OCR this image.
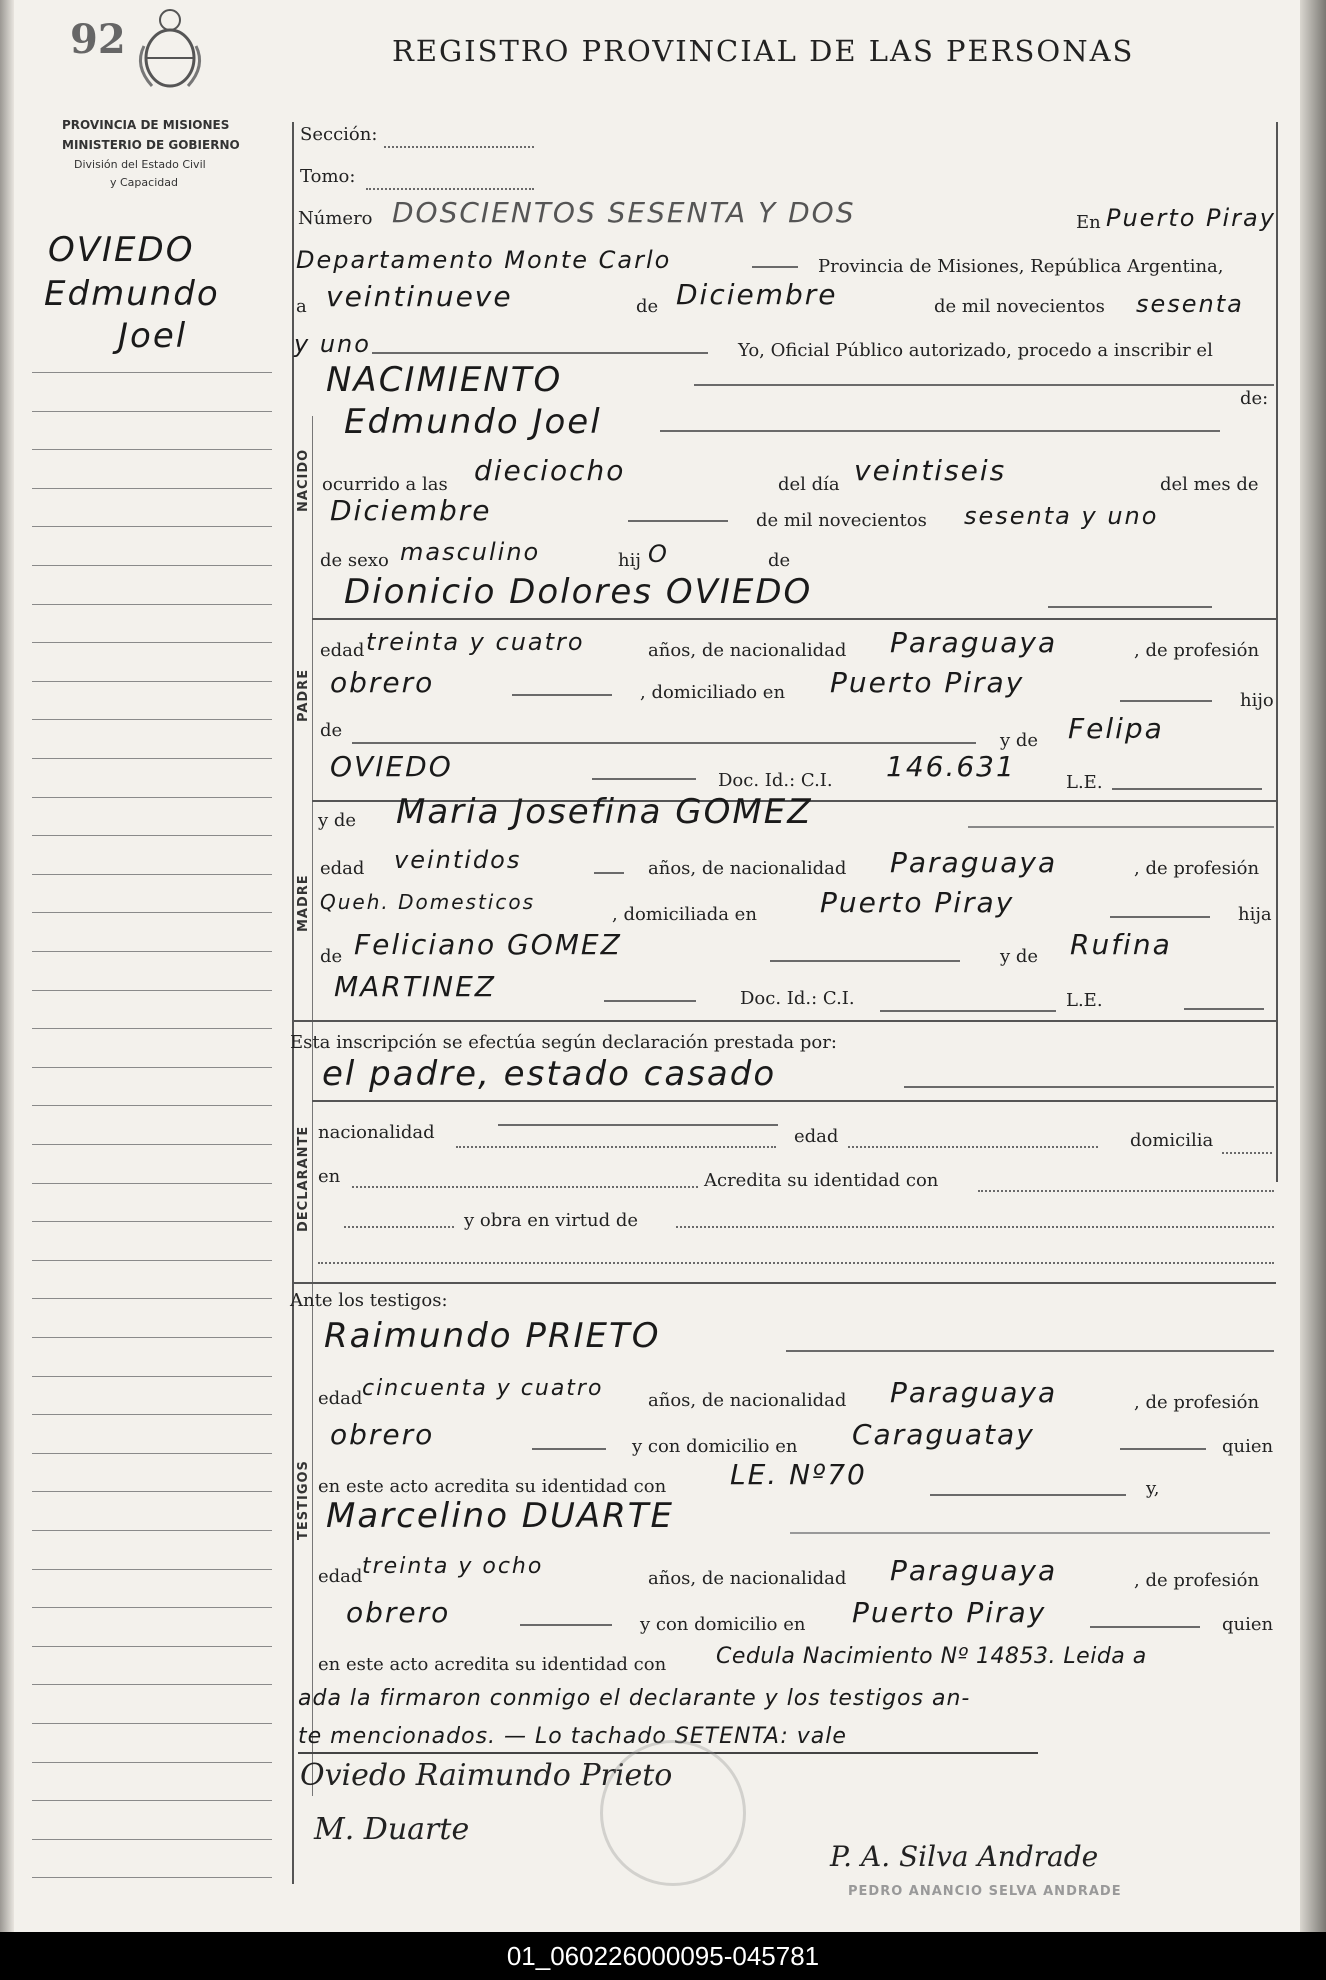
92	REGISTRO PROVINCIAL DE LAS PERSONAS
PROVINCIA DE MISIONES
MINISTERIO DE GOBIERNO
División del Estado Civil
y Capacidad
OVIEDO
Edmundo
Joel
NACIDO
PADRE
MADRE
DECLARANTE
TESTIGOS
Sección:
Tomo:
Número DOSCIENTOS SESENTA Y DOS	En Puerto Piray
Departamento Monte Carlo	Provincia de Misiones, República Argentina,
a veintinueve	de Diciembre	de mil novecientos sesenta
y uno	Yo, Oficial Público autorizado, procedo a inscribir el
NACIMIENTO	de:
Edmundo Joel
ocurrido a las dieciocho	del día veintiseis	del mes de
Diciembre	de mil novecientos sesenta y uno
de sexo masculino	hij O	de
Dionicio Dolores OVIEDO
edad treinta y cuatro	años, de nacionalidad Paraguaya	, de profesión
obrero	, domiciliado en Puerto Piray
hijo
de	y de Felipa
OVIEDO	Doc. Id.: C.I. 146.631	L.E.
y de Maria Josefina GOMEZ
edad veintidos	años, de nacionalidad Paraguaya	, de profesión
Queh. Domesticos
, domiciliada en Puerto Piray	hija
de Feliciano GOMEZ	y de Rufina
MARTINEZ	Doc. Id.: C.I.	L.E.
Esta inscripción se efectúa según declaración prestada por:
el padre, estado casado
nacionalidad	edad	domicilia
en	Acredita su identidad con
y obra en virtud de
Ante los testigos:
Raimundo PRIETO
edad cincuenta y cuatro años, de nacionalidad Paraguaya	, de profesión
obrero	y con domicilio en Caraguatay	quien
en este acto acredita su identidad con LE. Nº70	y,
Marcelino DUARTE
edad treinta y ocho	años, de nacionalidad Paraguaya	, de profesión
obrero	y con domicilio en Puerto Piray	quien
en este acto acredita su identidad con Cedula Nacimiento Nº 14853. Leida a
ada la firmaron conmigo el declarante y los testigos an-
te mencionados. — Lo tachado SETENTA: vale
Oviedo Raimundo Prieto
M. Duarte
P. A. Silva Andrade
PEDRO ANANCIO SELVA ANDRADE
01_060226000095-045781
